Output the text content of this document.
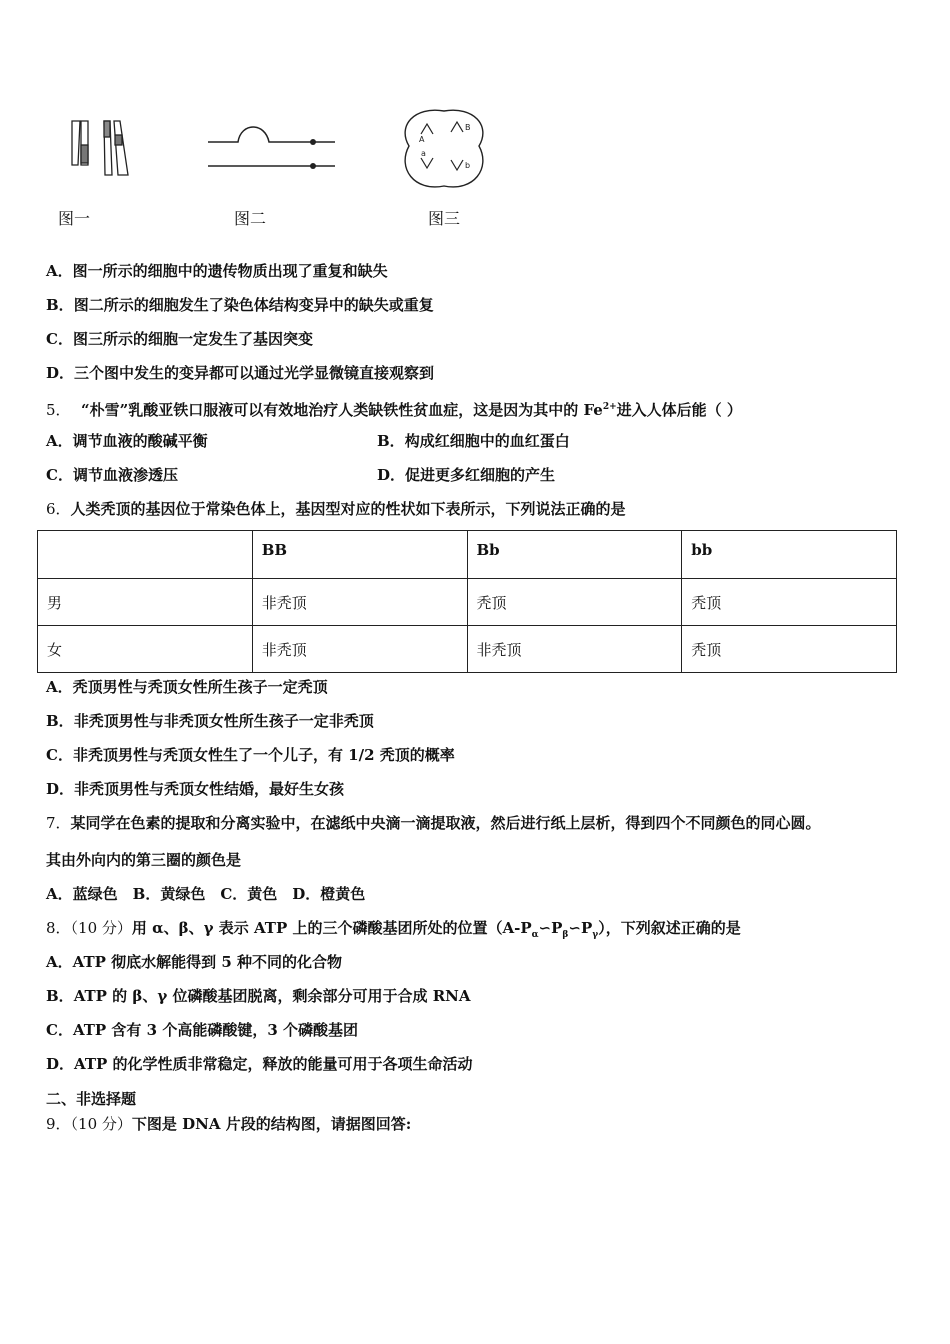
图一	图二
A
B
a
b
图三
A．图一所示的细胞中的遗传物质出现了重复和缺失
B．图二所示的细胞发生了染色体结构变异中的缺失或重复
C．图三所示的细胞一定发生了基因突变
D．三个图中发生的变异都可以通过光学显微镜直接观察到
5． “朴雪”乳酸亚铁口服液可以有效地治疗人类缺铁性贫血症，这是因为其中的 $Fe^{2+}$进入人体后能（ ）
A．调节血液的酸碱平衡	B．构成红细胞中的血红蛋白
C．调节血液渗透压	D．促进更多红细胞的产生
6．人类秃顶的基因位于常染色体上，基因型对应的性状如下表所示，下列说法正确的是
	BB	Bb	bb
男	非秃顶	秃顶	秃顶
女	非秃顶	非秃顶	秃顶
A．秃顶男性与秃顶女性所生孩子一定秃顶
B．非秃顶男性与非秃顶女性所生孩子一定非秃顶
C．非秃顶男性与秃顶女性生了一个儿子，有 1/2 秃顶的概率
D．非秃顶男性与秃顶女性结婚，最好生女孩
7．某同学在色素的提取和分离实验中，在滤纸中央滴一滴提取液，然后进行纸上层析，得到四个不同颜色的同心圆。
其由外向内的第三圈的颜色是
A．蓝绿色　B．黄绿色　C．黄色　D．橙黄色
8．（10 分）用 α、β、γ 表示 ATP 上的三个磷酸基团所处的位置$(A-P_\alpha∽P_\beta∽P_\gamma)$，下列叙述正确的是
A．ATP 彻底水解能得到 5 种不同的化合物
B．ATP 的 β、γ 位磷酸基团脱离，剩余部分可用于合成 RNA
C．ATP 含有 3 个高能磷酸键，3 个磷酸基团
D．ATP 的化学性质非常稳定，释放的能量可用于各项生命活动
二、非选择题
9．（10 分）下图是 DNA 片段的结构图，请据图回答:
